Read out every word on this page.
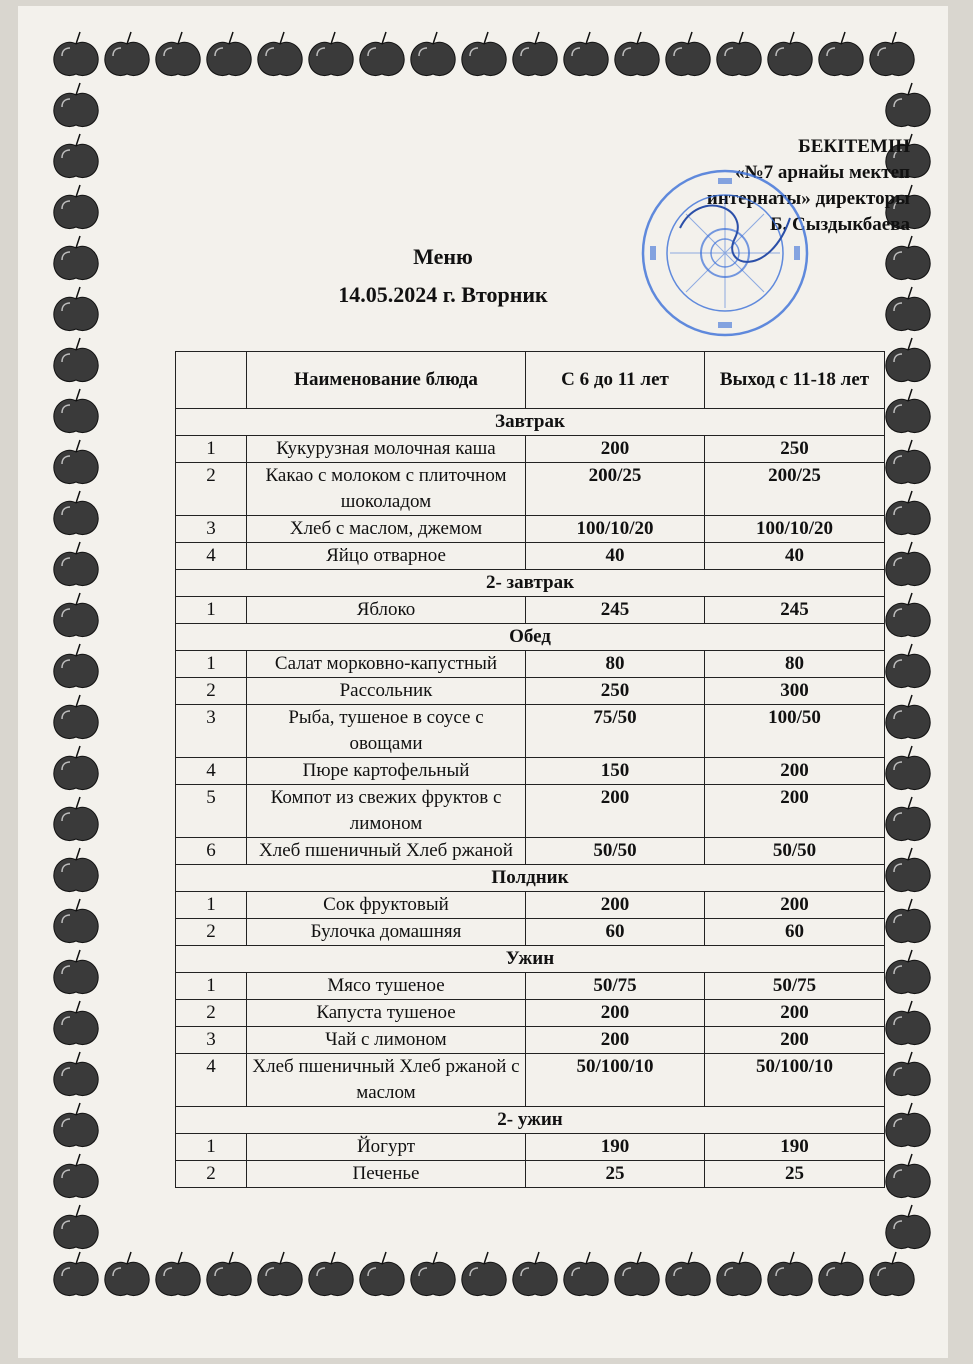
БЕКІТЕМІН
«№7 арнайы мектеп
интернаты» директоры
Б. Сыздыкбаева
Меню
14.05.2024 г. Вторник
	Наименование блюда	С 6 до 11 лет	Выход с 11-18 лет
Завтрак			
1	Кукурузная молочная каша	200	250
2	Какао с молоком с плиточном шоколадом	200/25	200/25
3	Хлеб с маслом, джемом	100/10/20	100/10/20
4	Яйцо отварное	40	40
2- завтрак			
1	Яблоко	245	245
Обед			
1	Салат морковно-капустный	80	80
2	Рассольник	250	300
3	Рыба, тушеное в соусе с овощами	75/50	100/50
4	Пюре картофельный	150	200
5	Компот из свежих фруктов с лимоном	200	200
6	Хлеб пшеничный Хлеб ржаной	50/50	50/50
Полдник			
1	Сок фруктовый	200	200
2	Булочка домашняя	60	60
Ужин			
1	Мясо тушеное	50/75	50/75
2	Капуста тушеное	200	200
3	Чай с лимоном	200	200
4	Хлеб пшеничный Хлеб ржаной с маслом	50/100/10	50/100/10
2- ужин			
1	Йогурт	190	190
2	Печенье	25	25
